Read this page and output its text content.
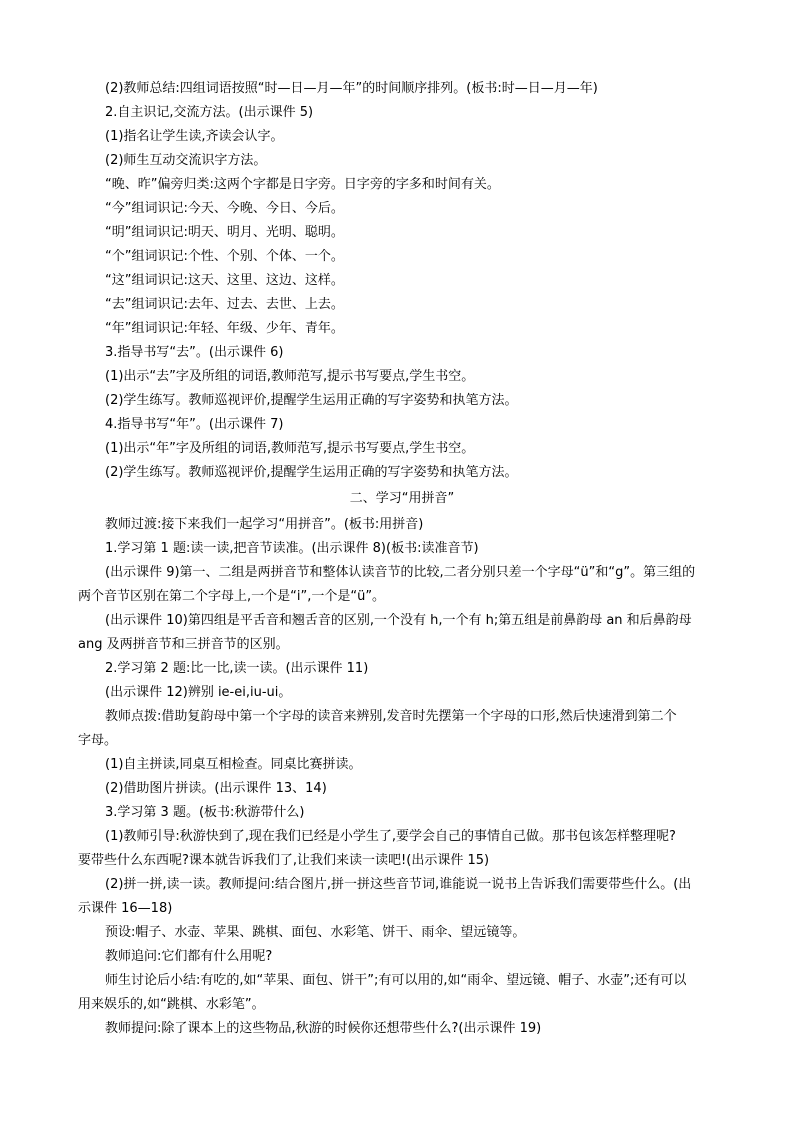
(2)教师总结:四组词语按照“时—日—月—年”的时间顺序排列。(板书:时—日—月—年)
2.自主识记,交流方法。(出示课件 5)
(1)指名让学生读,齐读会认字。
(2)师生互动交流识字方法。
“晚、昨”偏旁归类:这两个字都是日字旁。日字旁的字多和时间有关。
“今”组词识记:今天、今晚、今日、今后。
“明”组词识记:明天、明月、光明、聪明。
“个”组词识记:个性、个别、个体、一个。
“这”组词识记:这天、这里、这边、这样。
“去”组词识记:去年、过去、去世、上去。
“年”组词识记:年轻、年级、少年、青年。
3.指导书写“去”。(出示课件 6)
(1)出示“去”字及所组的词语,教师范写,提示书写要点,学生书空。
(2)学生练写。教师巡视评价,提醒学生运用正确的写字姿势和执笔方法。
4.指导书写“年”。(出示课件 7)
(1)出示“年”字及所组的词语,教师范写,提示书写要点,学生书空。
(2)学生练写。教师巡视评价,提醒学生运用正确的写字姿势和执笔方法。
二、学习“用拼音”
教师过渡:接下来我们一起学习“用拼音”。(板书:用拼音)
1.学习第 1 题:读一读,把音节读准。(出示课件 8)(板书:读准音节)
(出示课件 9)第一、二组是两拼音节和整体认读音节的比较,二者分别只差一个字母“ü”和“g”。第三组的
两个音节区别在第二个字母上,一个是“i”,一个是“ü”。
(出示课件 10)第四组是平舌音和翘舌音的区别,一个没有 h,一个有 h;第五组是前鼻韵母 an 和后鼻韵母
ang 及两拼音节和三拼音节的区别。
2.学习第 2 题:比一比,读一读。(出示课件 11)
(出示课件 12)辨别 ie-ei,iu-ui。
教师点拨:借助复韵母中第一个字母的读音来辨别,发音时先摆第一个字母的口形,然后快速滑到第二个
字母。
(1)自主拼读,同桌互相检查。同桌比赛拼读。
(2)借助图片拼读。(出示课件 13、14)
3.学习第 3 题。(板书:秋游带什么)
(1)教师引导:秋游快到了,现在我们已经是小学生了,要学会自己的事情自己做。那书包该怎样整理呢?
要带些什么东西呢?课本就告诉我们了,让我们来读一读吧!(出示课件 15)
(2)拼一拼,读一读。教师提问:结合图片,拼一拼这些音节词,谁能说一说书上告诉我们需要带些什么。(出
示课件 16—18)
预设:帽子、水壶、苹果、跳棋、面包、水彩笔、饼干、雨伞、望远镜等。
教师追问:它们都有什么用呢?
师生讨论后小结:有吃的,如“苹果、面包、饼干”;有可以用的,如“雨伞、望远镜、帽子、水壶”;还有可以
用来娱乐的,如“跳棋、水彩笔”。
教师提问:除了课本上的这些物品,秋游的时候你还想带些什么?(出示课件 19)
